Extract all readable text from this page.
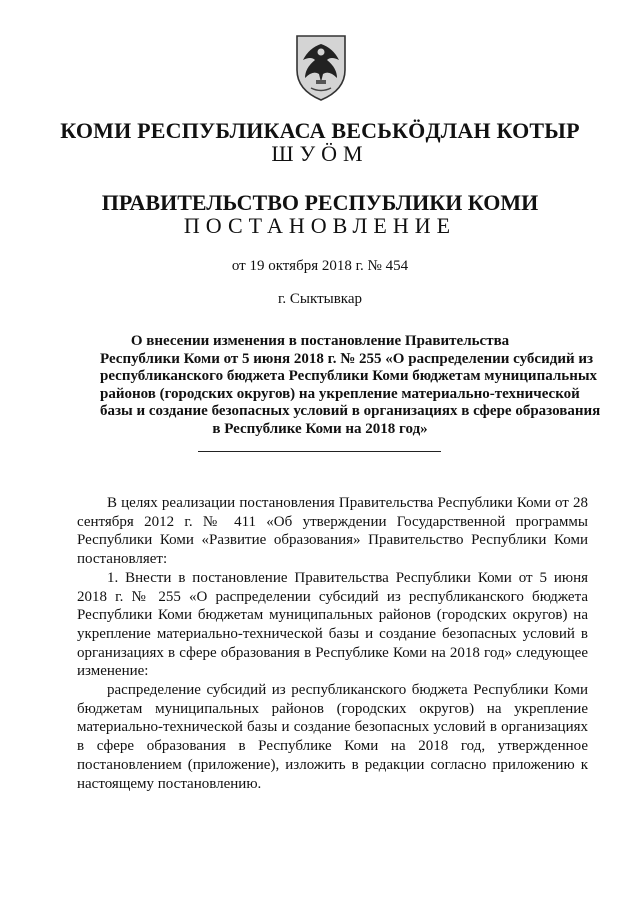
КОМИ РЕСПУБЛИКАСА ВЕСЬКӦДЛАН КОТЫР
ШУӦМ
ПРАВИТЕЛЬСТВО РЕСПУБЛИКИ КОМИ
ПОСТАНОВЛЕНИЕ
от 19 октября 2018 г. № 454
г. Сыктывкар
О внесении изменения в постановление Правительства
Республики Коми от 5 июня 2018 г. № 255 «О распределении субсидий из
республиканского бюджета Республики Коми бюджетам муниципальных
районов (городских округов) на укрепление материально-технической
базы и создание безопасных условий в организациях в сфере образования
в Республике Коми на 2018 год»

В целях реализации постановления Правительства Республики Коми от 28 сентября 2012 г. № 411 «Об утверждении Государственной программы Республики Коми «Развитие образования» Правительство Республики Коми постановляет:

1. Внести в постановление Правительства Республики Коми от 5 июня 2018 г. № 255 «О распределении субсидий из республиканского бюджета Республики Коми бюджетам муниципальных районов (городских округов) на укрепление материально-технической базы и создание безопасных условий в организациях в сфере образования в Республике Коми на 2018 год» следующее изменение:

распределение субсидий из республиканского бюджета Республики Коми бюджетам муниципальных районов (городских округов) на укрепление материально-технической базы и создание безопасных условий в организациях в сфере образования в Республике Коми на 2018 год, утвержденное постановлением (приложение), изложить в редакции согласно приложению к настоящему постановлению.
